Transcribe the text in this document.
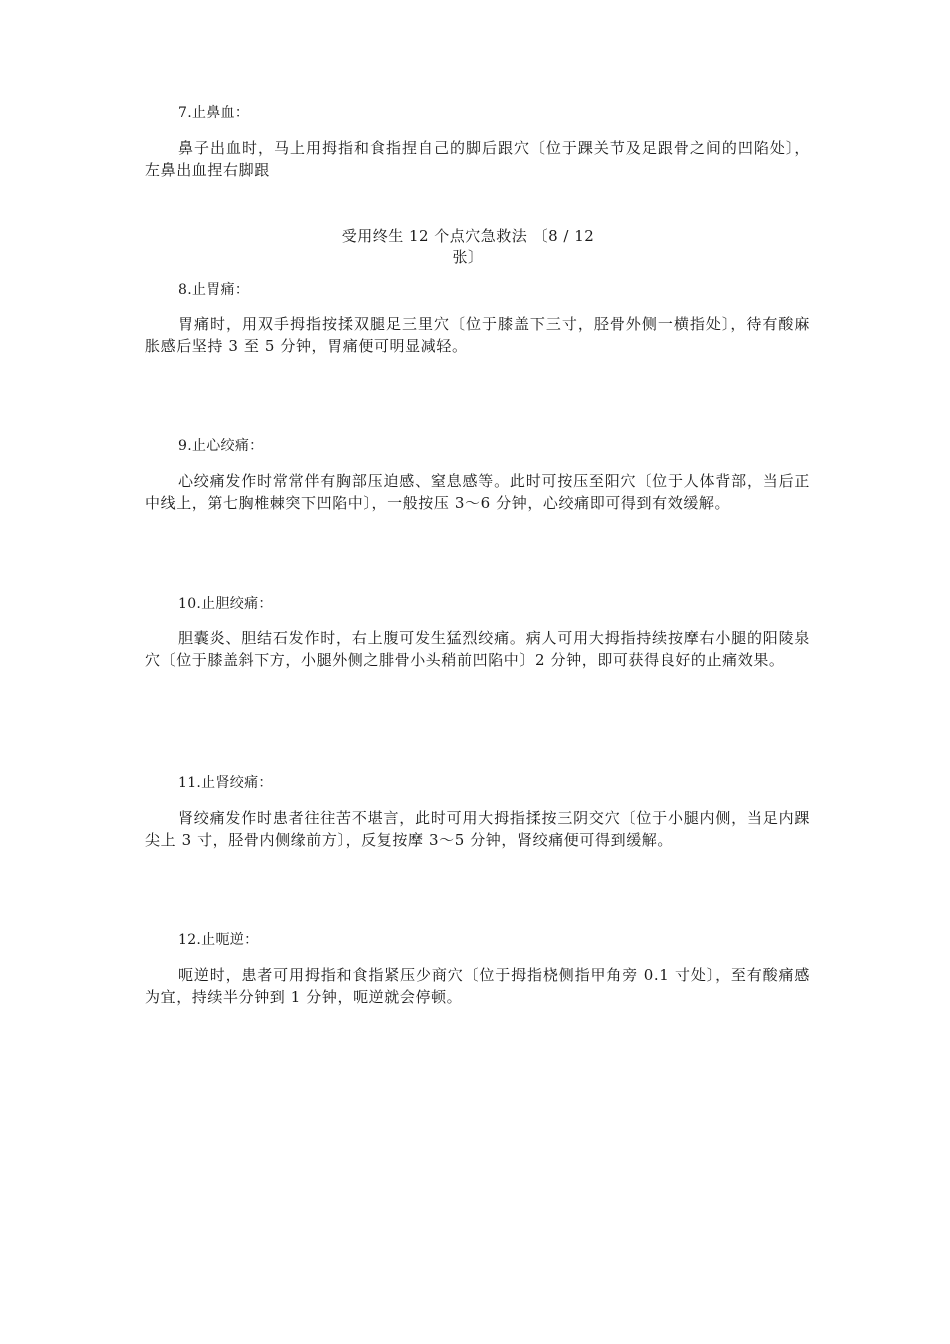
7.止鼻血：

鼻子出血时，马上用拇指和食指捏自己的脚后跟穴〔位于踝关节及足跟骨之间的凹陷处〕，左鼻出血捏右脚跟

受用终生 12 个点穴急救法 〔8 / 12
张〕
8.止胃痛：

胃痛时，用双手拇指按揉双腿足三里穴〔位于膝盖下三寸，胫骨外侧一横指处〕，待有酸麻胀感后坚持 3 至 5 分钟，胃痛便可明显减轻。

9.止心绞痛：

心绞痛发作时常常伴有胸部压迫感、窒息感等。此时可按压至阳穴〔位于人体背部，当后正中线上，第七胸椎棘突下凹陷中〕，一般按压 3～6 分钟，心绞痛即可得到有效缓解。

10.止胆绞痛：

胆囊炎、胆结石发作时，右上腹可发生猛烈绞痛。病人可用大拇指持续按摩右小腿的阳陵泉穴〔位于膝盖斜下方，小腿外侧之腓骨小头稍前凹陷中〕2 分钟，即可获得良好的止痛效果。

11.止肾绞痛：

肾绞痛发作时患者往往苦不堪言，此时可用大拇指揉按三阴交穴〔位于小腿内侧，当足内踝尖上 3 寸，胫骨内侧缘前方〕，反复按摩 3～5 分钟，肾绞痛便可得到缓解。

12.止呃逆：

呃逆时，患者可用拇指和食指紧压少商穴〔位于拇指桡侧指甲角旁 0.1 寸处〕，至有酸痛感为宜，持续半分钟到 1 分钟，呃逆就会停顿。
